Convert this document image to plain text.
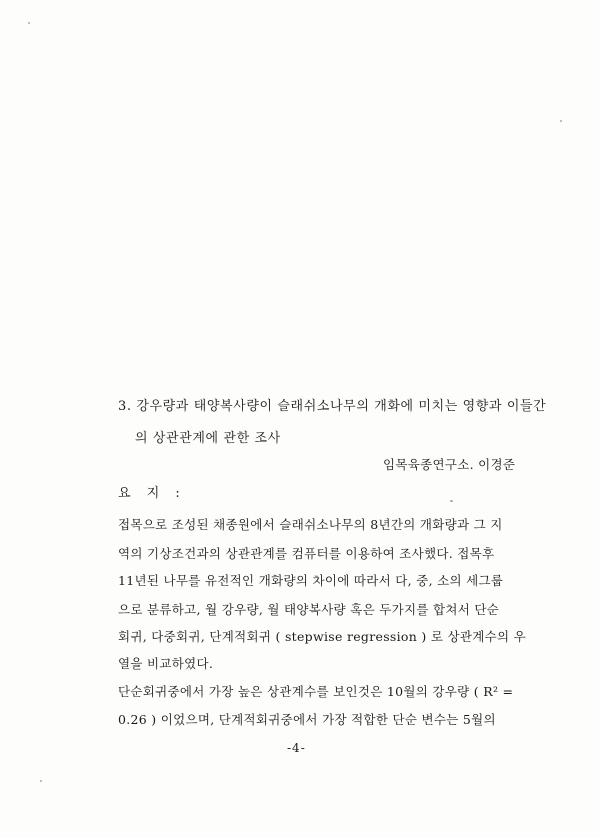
3. 강우량과 태양복사량이 슬래쉬소나무의 개화에 미치는 영향과 이들간
의 상관관계에 관한 조사
임목육종연구소. 이경준
요 지 :
접목으로 조성된 채종원에서 슬래쉬소나무의 8년간의 개화량과 그 지
역의 기상조건과의 상관관계를 컴퓨터를 이용하여 조사했다. 접목후
11년된 나무를 유전적인 개화량의 차이에 따라서 다, 중, 소의 세그룹
으로 분류하고, 월 강우량, 월 태양복사량 혹은 두가지를 합쳐서 단순
회귀, 다중회귀, 단계적회귀 ( stepwise regression ) 로 상관계수의 우
열을 비교하였다.
단순회귀중에서 가장 높은 상관계수를 보인것은 10월의 강우량 ( R² =
0.26 ) 이었으며, 단계적회귀중에서 가장 적합한 단순 변수는 5월의
-4-
